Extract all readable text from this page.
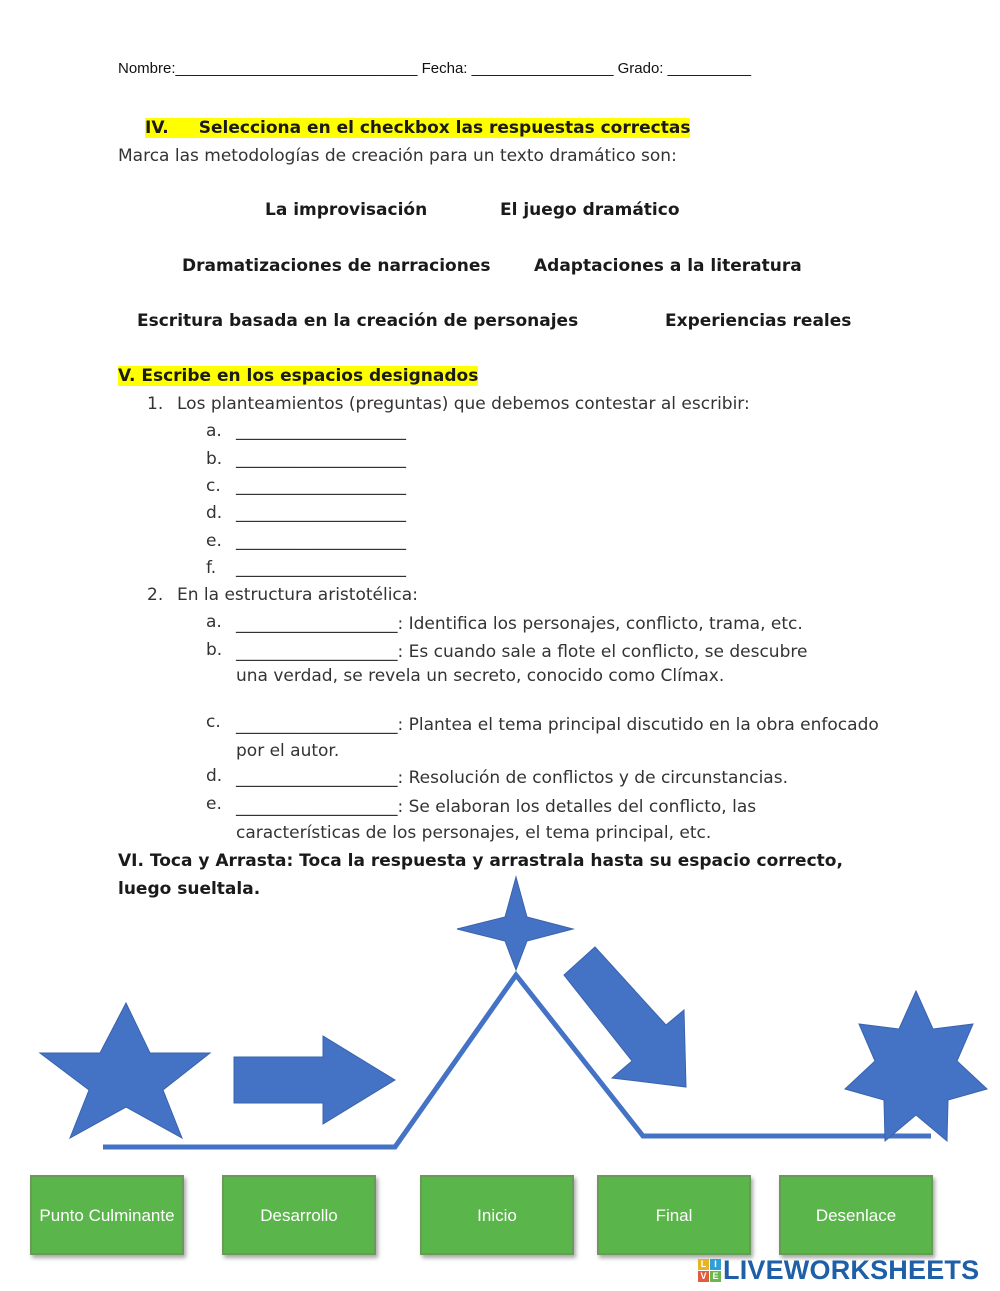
Nombre:_____________________________ Fecha: _________________ Grado: __________
IV. Selecciona en el checkbox las respuestas correctas
Marca las metodologías de creación para un texto dramático son:
La improvisación	El juego dramático
Dramatizaciones de narraciones	Adaptaciones a la literatura
Escritura basada en la creación de personajes	Experiencias reales
V. Escribe en los espacios designados
1. Los planteamientos (preguntas) que debemos contestar al escribir:
a. ____________________
b. ____________________
c. ____________________
d. ____________________
e. ____________________
f. ____________________
2. En la estructura aristotélica:
a. ___________________: Identifica los personajes, conflicto, trama, etc.
b. ___________________: Es cuando sale a flote el conflicto, se descubre una verdad, se revela un secreto, conocido como Clímax.
c. ___________________: Plantea el tema principal discutido en la obra enfocado por el autor.
d. ___________________: Resolución de conflictos y de circunstancias.
e. ___________________: Se elaboran los detalles del conflicto, las características de los personajes, el tema principal, etc.
VI. Toca y Arrasta: Toca la respuesta y arrastrala hasta su espacio correcto,
luego sueltala.
Punto Culminante	Desarrollo	Inicio	Final	Desenlace
L I
V E LIVEWORKSHEETS
